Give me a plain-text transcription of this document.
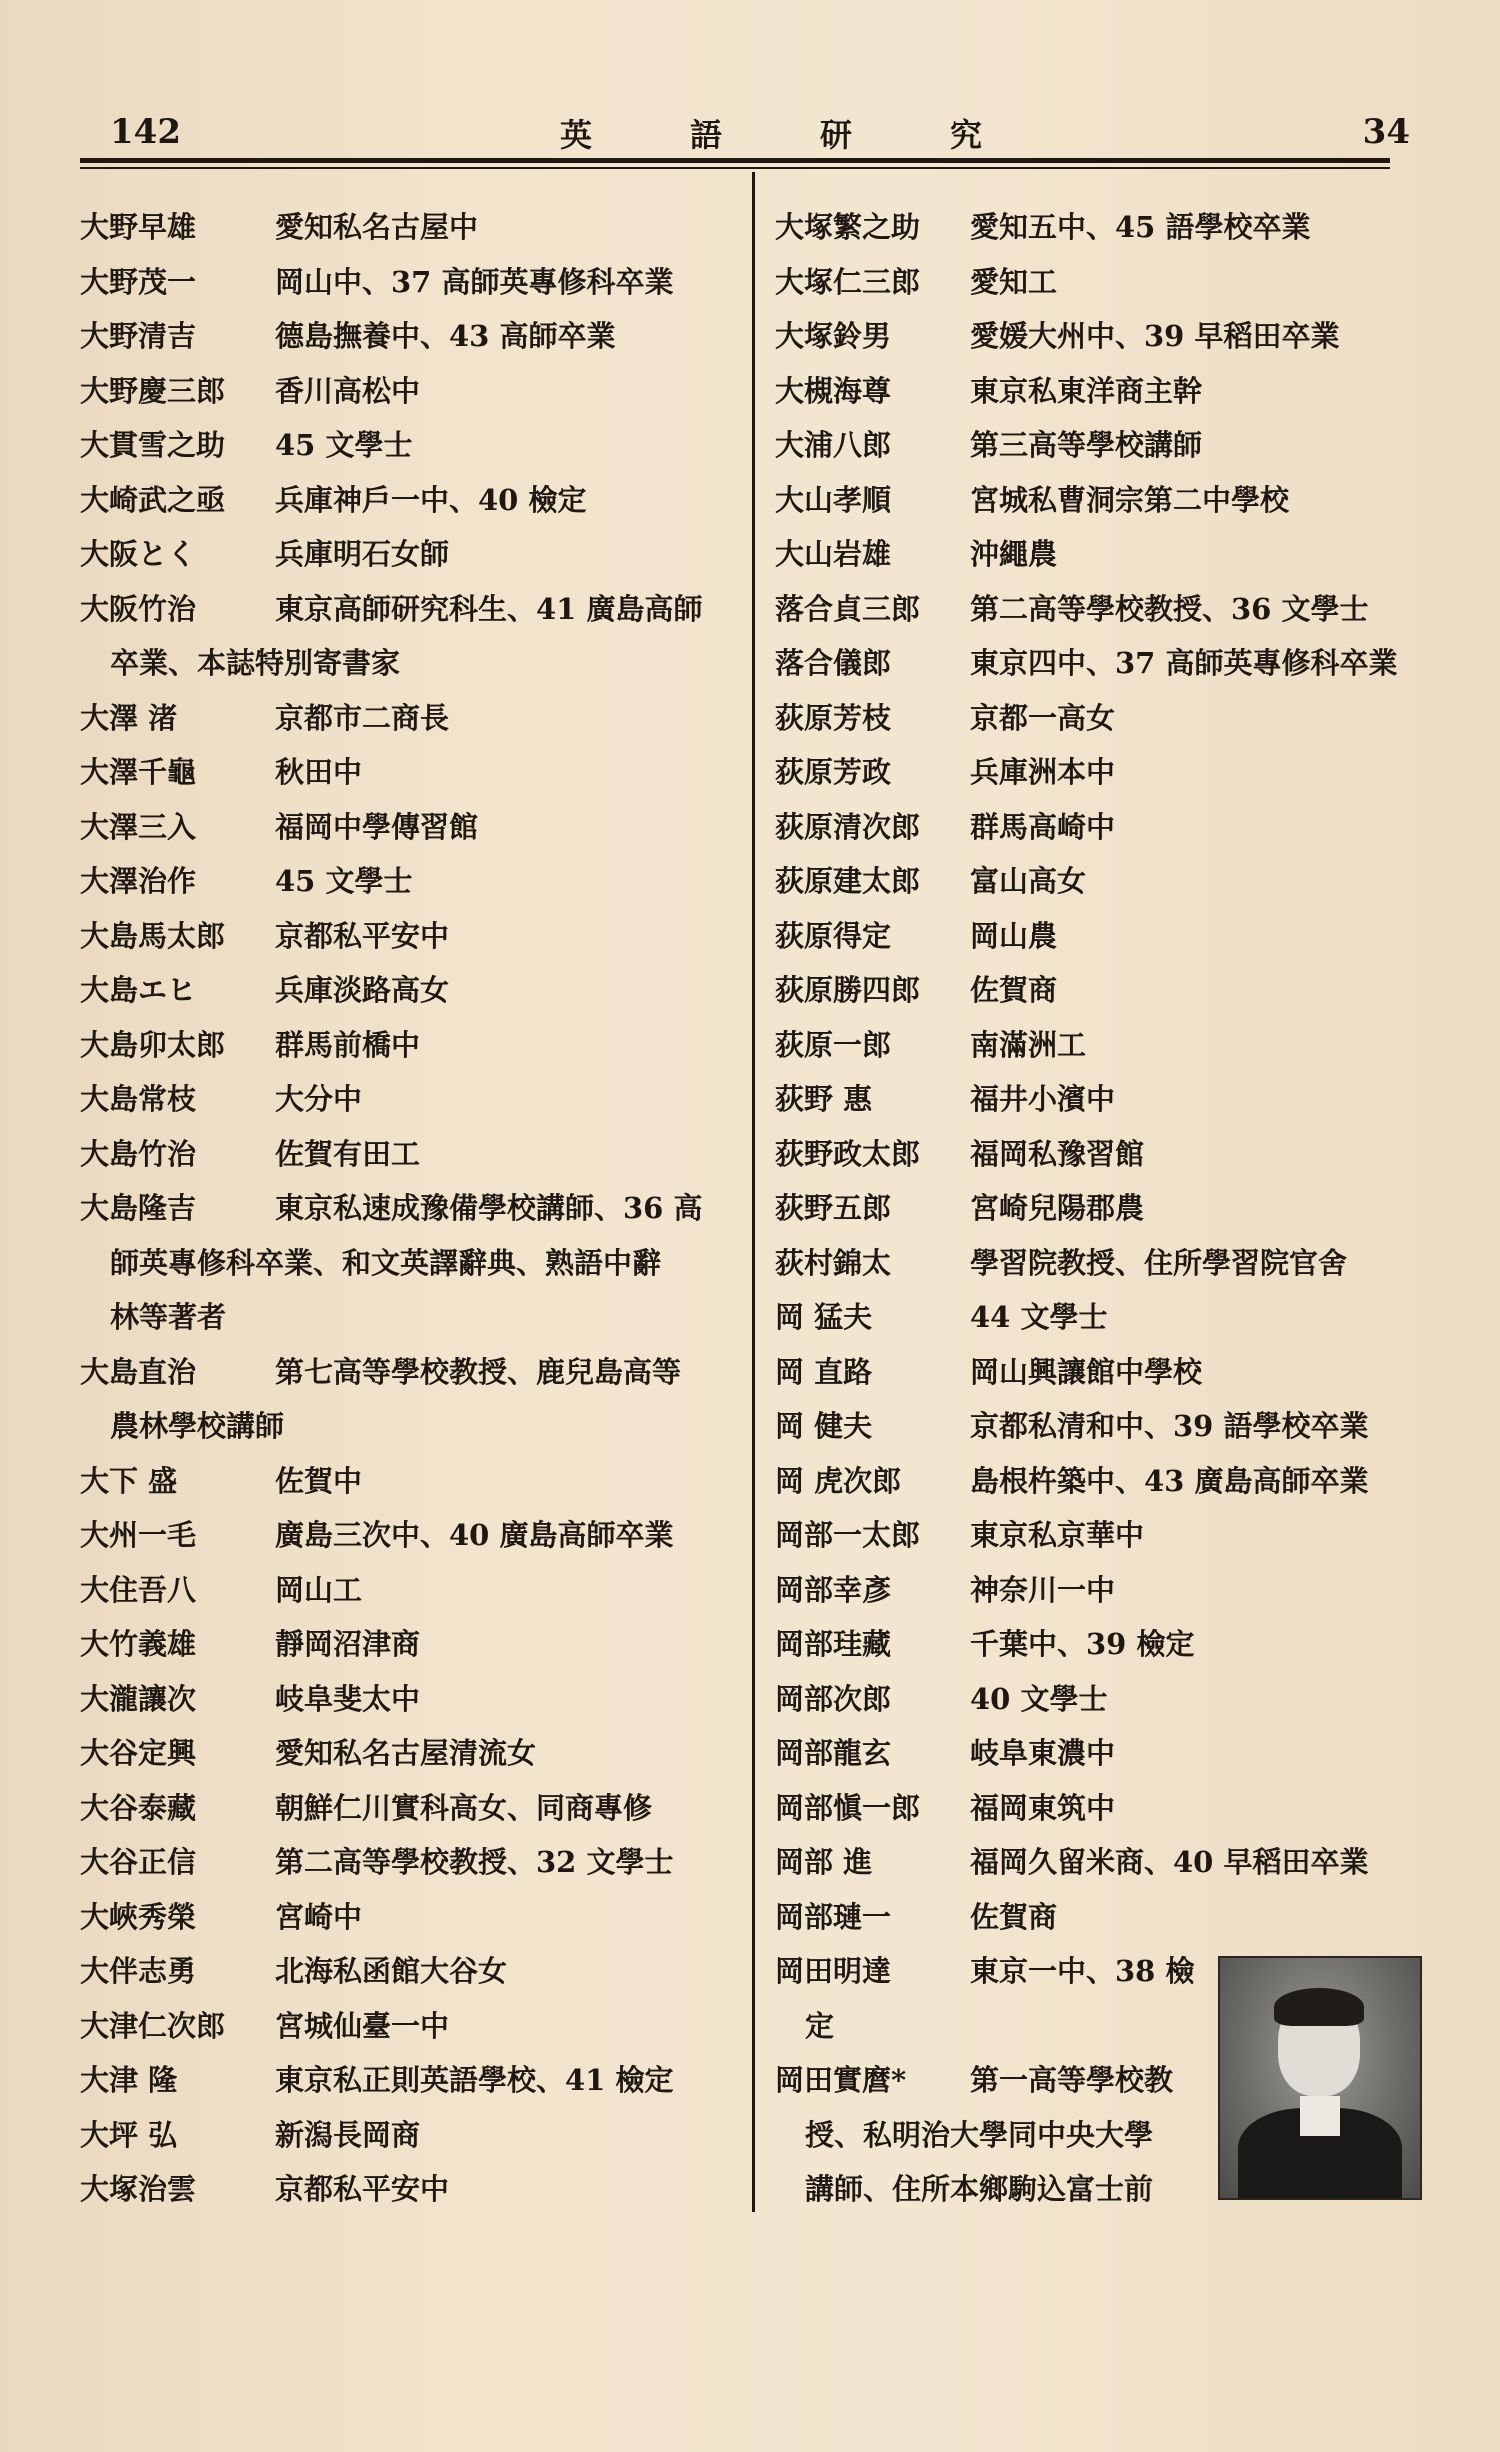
142	英語研究	34
大野早雄	愛知私名古屋中
大野茂一	岡山中、37 高師英專修科卒業
大野清吉	德島撫養中、43 高師卒業
大野慶三郎	香川高松中
大貫雪之助	45 文學士
大崎武之亟	兵庫神戶一中、40 檢定
大阪とく	兵庫明石女師
大阪竹治	東京高師研究科生、41 廣島高師
卒業、本誌特別寄書家
大澤 渚	京都市二商長
大澤千龜	秋田中
大澤三入	福岡中學傳習館
大澤治作	45 文學士
大島馬太郎	京都私平安中
大島エヒ	兵庫淡路高女
大島卯太郎	群馬前橋中
大島常枝	大分中
大島竹治	佐賀有田工
大島隆吉	東京私速成豫備學校講師、36 高
師英專修科卒業、和文英譯辭典、熟語中辭
林等著者
大島直治	第七高等學校教授、鹿兒島高等
農林學校講師
大下 盛	佐賀中
大州一毛	廣島三次中、40 廣島高師卒業
大住吾八	岡山工
大竹義雄	靜岡沼津商
大瀧讓次	岐阜斐太中
大谷定興	愛知私名古屋清流女
大谷泰藏	朝鮮仁川實科高女、同商專修
大谷正信	第二高等學校教授、32 文學士
大峽秀榮	宮崎中
大伴志勇	北海私函館大谷女
大津仁次郎	宮城仙臺一中
大津 隆	東京私正則英語學校、41 檢定
大坪 弘	新潟長岡商
大塚治雲	京都私平安中
大塚繁之助	愛知五中、45 語學校卒業
大塚仁三郎	愛知工
大塚鈴男	愛媛大州中、39 早稻田卒業
大槻海尊	東京私東洋商主幹
大浦八郎	第三高等學校講師
大山孝順	宮城私曹洞宗第二中學校
大山岩雄	沖繩農
落合貞三郎	第二高等學校教授、36 文學士
落合儀郎	東京四中、37 高師英專修科卒業
荻原芳枝	京都一高女
荻原芳政	兵庫洲本中
荻原清次郎	群馬高崎中
荻原建太郎	富山高女
荻原得定	岡山農
荻原勝四郎	佐賀商
荻原一郎	南滿洲工
荻野 惠	福井小濱中
荻野政太郎	福岡私豫習館
荻野五郎	宮崎兒陽郡農
荻村錦太	學習院教授、住所學習院官舍
岡 猛夫	44 文學士
岡 直路	岡山興讓館中學校
岡 健夫	京都私清和中、39 語學校卒業
岡 虎次郎	島根杵築中、43 廣島高師卒業
岡部一太郎	東京私京華中
岡部幸彥	神奈川一中
岡部珪藏	千葉中、39 檢定
岡部次郎	40 文學士
岡部龍玄	岐阜東濃中
岡部愼一郎	福岡東筑中
岡部 進	福岡久留米商、40 早稻田卒業
岡部璉一	佐賀商
岡田明達	東京一中、38 檢
定
岡田實麿*	第一高等學校教
授、私明治大學同中央大學
講師、住所本鄉駒込富士前
